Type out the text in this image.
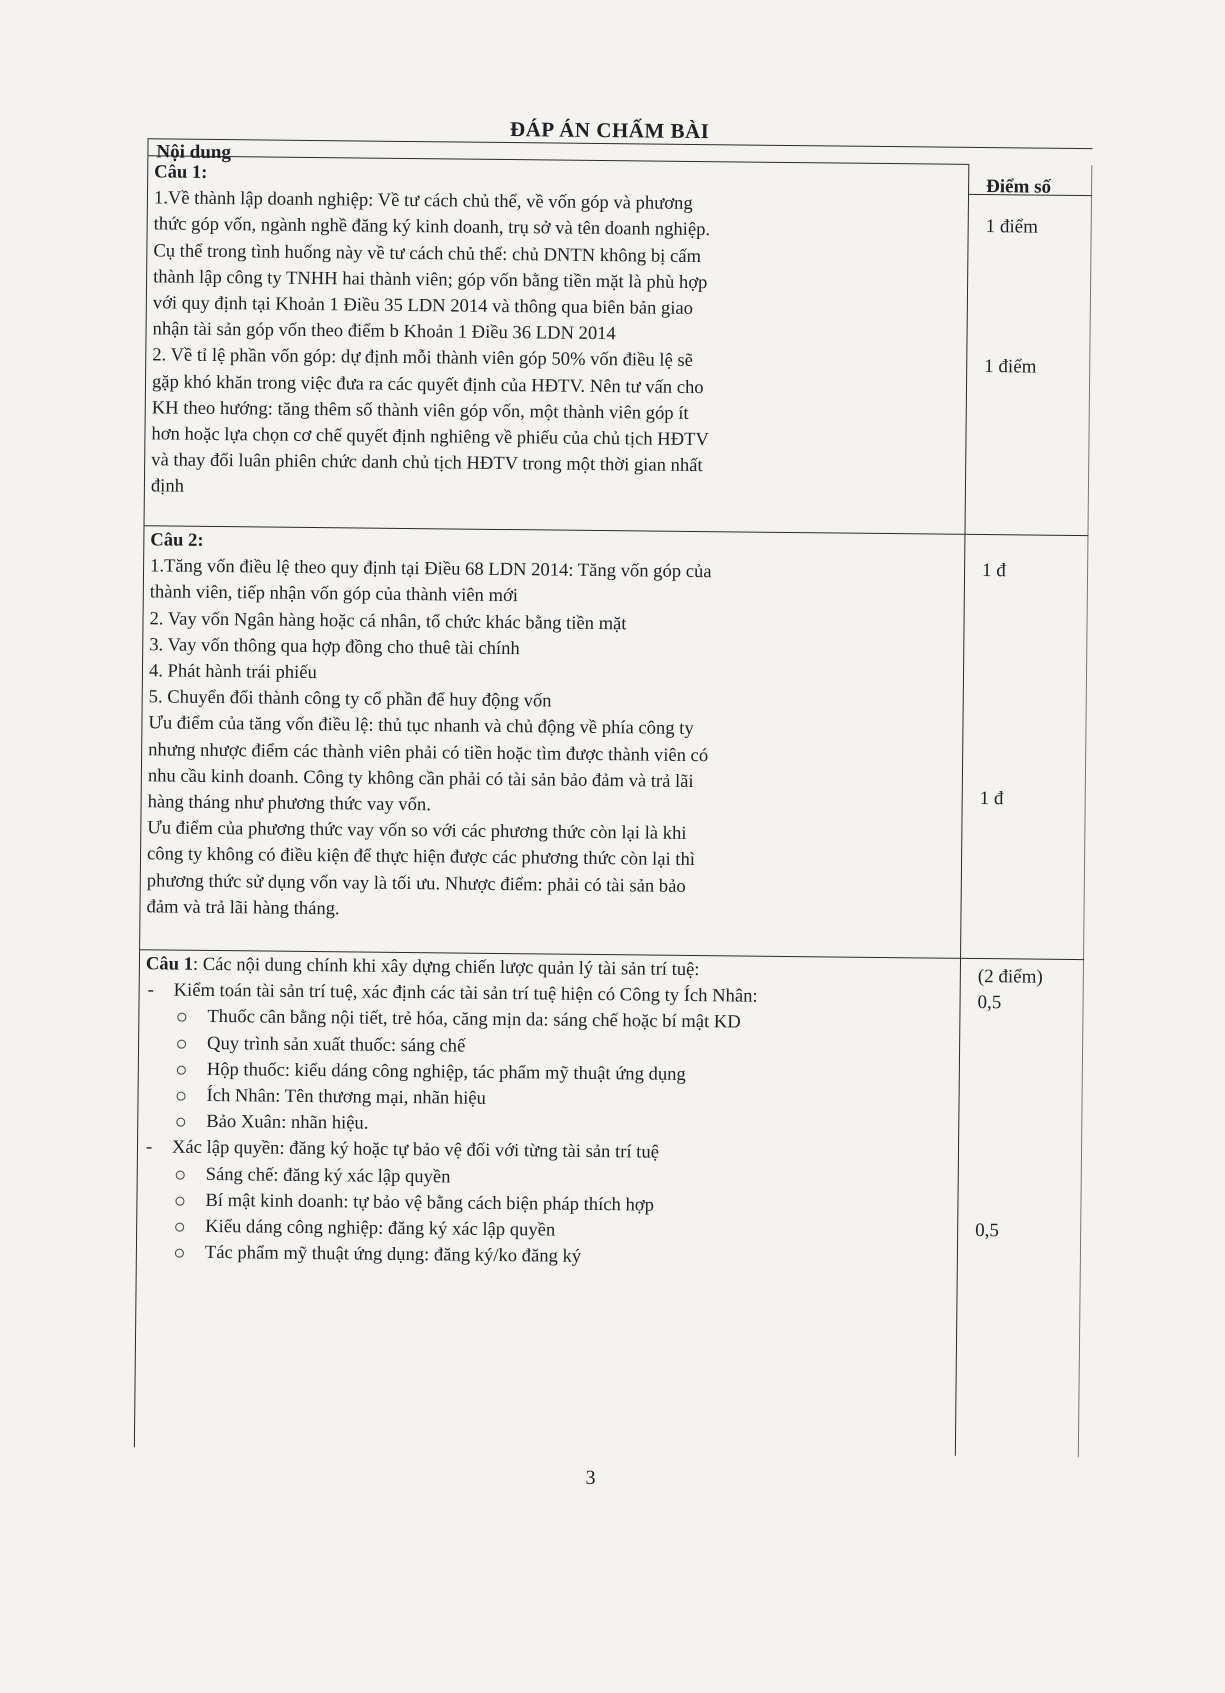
ĐÁP ÁN CHẤM BÀI
Nội dung
Điểm số

Câu 1:

1.Về thành lập doanh nghiệp: Về tư cách chủ thể, về vốn góp và phương

thức góp vốn, ngành nghề đăng ký kinh doanh, trụ sở và tên doanh nghiệp.

Cụ thể trong tình huống này về tư cách chủ thể: chủ DNTN không bị cấm

thành lập công ty TNHH hai thành viên; góp vốn bằng tiền mặt là phù hợp

với quy định tại Khoản 1 Điều 35 LDN 2014 và thông qua biên bản giao

nhận tài sản góp vốn theo điểm b Khoản 1 Điều 36 LDN 2014

2. Về tỉ lệ phần vốn góp: dự định mỗi thành viên góp 50% vốn điều lệ sẽ

gặp khó khăn trong việc đưa ra các quyết định của HĐTV. Nên tư vấn cho

KH theo hướng: tăng thêm số thành viên góp vốn, một thành viên góp ít

hơn hoặc lựa chọn cơ chế quyết định nghiêng về phiếu của chủ tịch HĐTV

và thay đổi luân phiên chức danh chủ tịch HĐTV trong một thời gian nhất

định

1 điểm
1 điểm

Câu 2:

1.Tăng vốn điều lệ theo quy định tại Điều 68 LDN 2014: Tăng vốn góp của

thành viên, tiếp nhận vốn góp của thành viên mới

2. Vay vốn Ngân hàng hoặc cá nhân, tổ chức khác bằng tiền mặt

3. Vay vốn thông qua hợp đồng cho thuê tài chính

4. Phát hành trái phiếu

5. Chuyển đổi thành công ty cổ phần để huy động vốn

Ưu điểm của tăng vốn điều lệ: thủ tục nhanh và chủ động về phía công ty

nhưng nhược điểm các thành viên phải có tiền hoặc tìm được thành viên có

nhu cầu kinh doanh. Công ty không cần phải có tài sản bảo đảm và trả lãi

hàng tháng như phương thức vay vốn.

Ưu điểm của phương thức vay vốn so với các phương thức còn lại là khi

công ty không có điều kiện để thực hiện được các phương thức còn lại thì

phương thức sử dụng vốn vay là tối ưu. Nhược điểm: phải có tài sản bảo

đảm và trả lãi hàng tháng.

1 đ
1 đ

Câu 1: Các nội dung chính khi xây dựng chiến lược quản lý tài sản trí tuệ:

- Kiểm toán tài sản trí tuệ, xác định các tài sản trí tuệ hiện có Công ty Ích Nhân:

Thuốc cân bằng nội tiết, trẻ hóa, căng mịn da: sáng chế hoặc bí mật KD

Quy trình sản xuất thuốc: sáng chế

Hộp thuốc: kiểu dáng công nghiệp, tác phẩm mỹ thuật ứng dụng

Ích Nhân: Tên thương mại, nhãn hiệu

Bảo Xuân: nhãn hiệu.

- Xác lập quyền: đăng ký hoặc tự bảo vệ đối với từng tài sản trí tuệ

Sáng chế: đăng ký xác lập quyền

Bí mật kinh doanh: tự bảo vệ bằng cách biện pháp thích hợp

Kiểu dáng công nghiệp: đăng ký xác lập quyền

Tác phẩm mỹ thuật ứng dụng: đăng ký/ko đăng ký

(2 điểm)
0,5
0,5
3
